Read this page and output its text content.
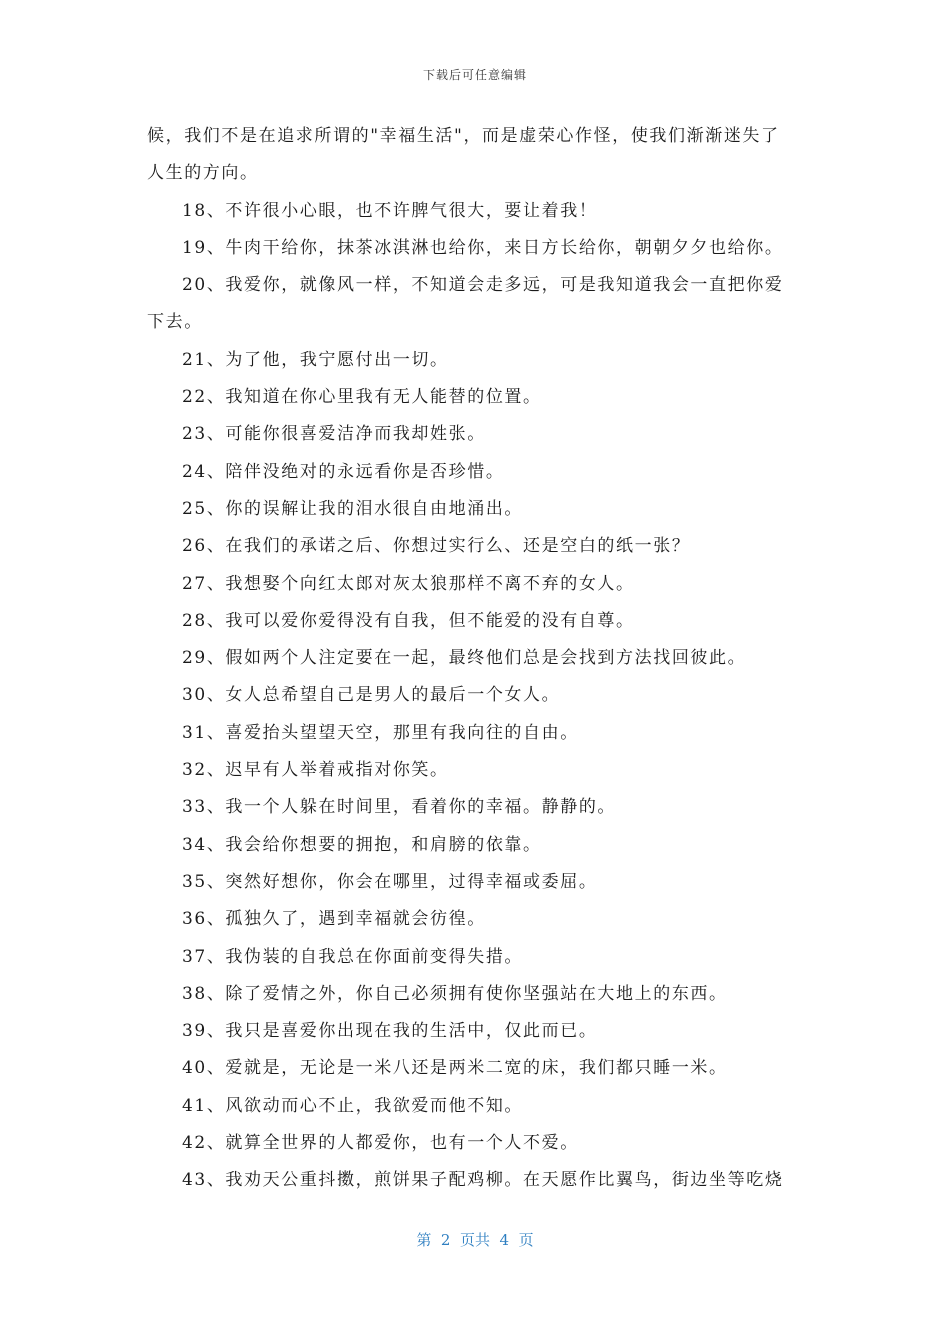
下载后可任意编辑

候，我们不是在追求所谓的"幸福生活"，而是虚荣心作怪，使我们渐渐迷失了

人生的方向。

18、不许很小心眼，也不许脾气很大，要让着我！

19、牛肉干给你，抹茶冰淇淋也给你，来日方长给你，朝朝夕夕也给你。

20、我爱你，就像风一样，不知道会走多远，可是我知道我会一直把你爱

下去。

21、为了他，我宁愿付出一切。

22、我知道在你心里我有无人能替的位置。

23、可能你很喜爱洁净而我却姓张。

24、陪伴没绝对的永远看你是否珍惜。

25、你的误解让我的泪水很自由地涌出。

26、在我们的承诺之后、你想过实行么、还是空白的纸一张？

27、我想娶个向红太郎对灰太狼那样不离不弃的女人。

28、我可以爱你爱得没有自我，但不能爱的没有自尊。

29、假如两个人注定要在一起，最终他们总是会找到方法找回彼此。

30、女人总希望自己是男人的最后一个女人。

31、喜爱抬头望望天空，那里有我向往的自由。

32、迟早有人举着戒指对你笑。

33、我一个人躲在时间里，看着你的幸福。静静的。

34、我会给你想要的拥抱，和肩膀的依靠。

35、突然好想你，你会在哪里，过得幸福或委屈。

36、孤独久了，遇到幸福就会彷徨。

37、我伪装的自我总在你面前变得失措。

38、除了爱情之外，你自己必须拥有使你坚强站在大地上的东西。

39、我只是喜爱你出现在我的生活中，仅此而已。

40、爱就是，无论是一米八还是两米二宽的床，我们都只睡一米。

41、风欲动而心不止，我欲爱而他不知。

42、就算全世界的人都爱你，也有一个人不爱。

43、我劝天公重抖擞，煎饼果子配鸡柳。在天愿作比翼鸟，街边坐等吃烧

第  2  页共  4  页
